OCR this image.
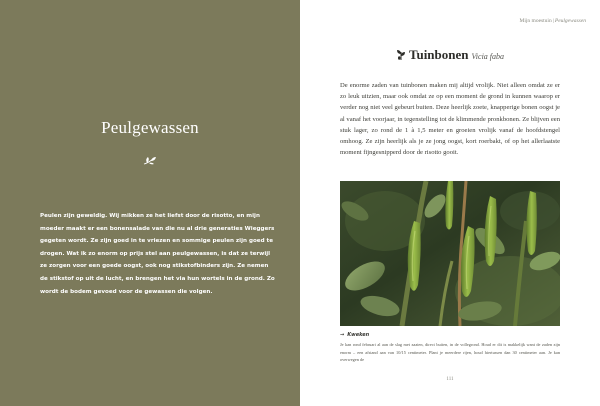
Peulgewassen

Peulen zijn geweldig. Wij mikken ze het liefst door de risotto, en mijn moeder maakt er een bonensalade van die nu al drie generaties Wieggers gegeten wordt. Ze zijn goed in te vriezen en sommige peulen zijn goed te drogen. Wat ik zo enorm op prijs stel aan peulgewassen, is dat ze terwijl ze zorgen voor een goede oogst, ook nog stikstofbinders zijn. Ze nemen de stikstof op uit de lucht, en brengen het via hun wortels in de grond. Zo wordt de bodem gevoed voor de gewassen die volgen.

Mijn moestuin|Peulgewassen
Tuinbonen Vicia faba

De enorme zaden van tuinbonen maken mij altijd vrolijk. Niet alleen omdat ze er zo leuk uitzien, maar ook omdat ze op een moment de grond in kunnen waarop er verder nog niet veel gebeurt buiten. Deze heerlijk zoete, knapperige bonen oogst je al vanaf het voorjaar, in tegenstelling tot de klimmende pronkbonen. Ze blijven een stuk lager, zo rond de 1 à 1,5 meter en groeien vrolijk vanaf de hoofdstengel omhoog. Ze zijn heerlijk als je ze jong oogst, kort roerbakt, of op het allerlaatste moment fijngesnipperd door de risotto gooit.

→ Kweken

Je kan rond februari al aan de slag met zaaien, direct buiten, in de vollegrond. Houd er dit is makkelijk want de zaden zijn enorm – een afstand aan van 10/15 centimeter. Plant je meerdere rijen, houd hiertussen dan 30 centimeter aan. Je kan overwegen de

111
